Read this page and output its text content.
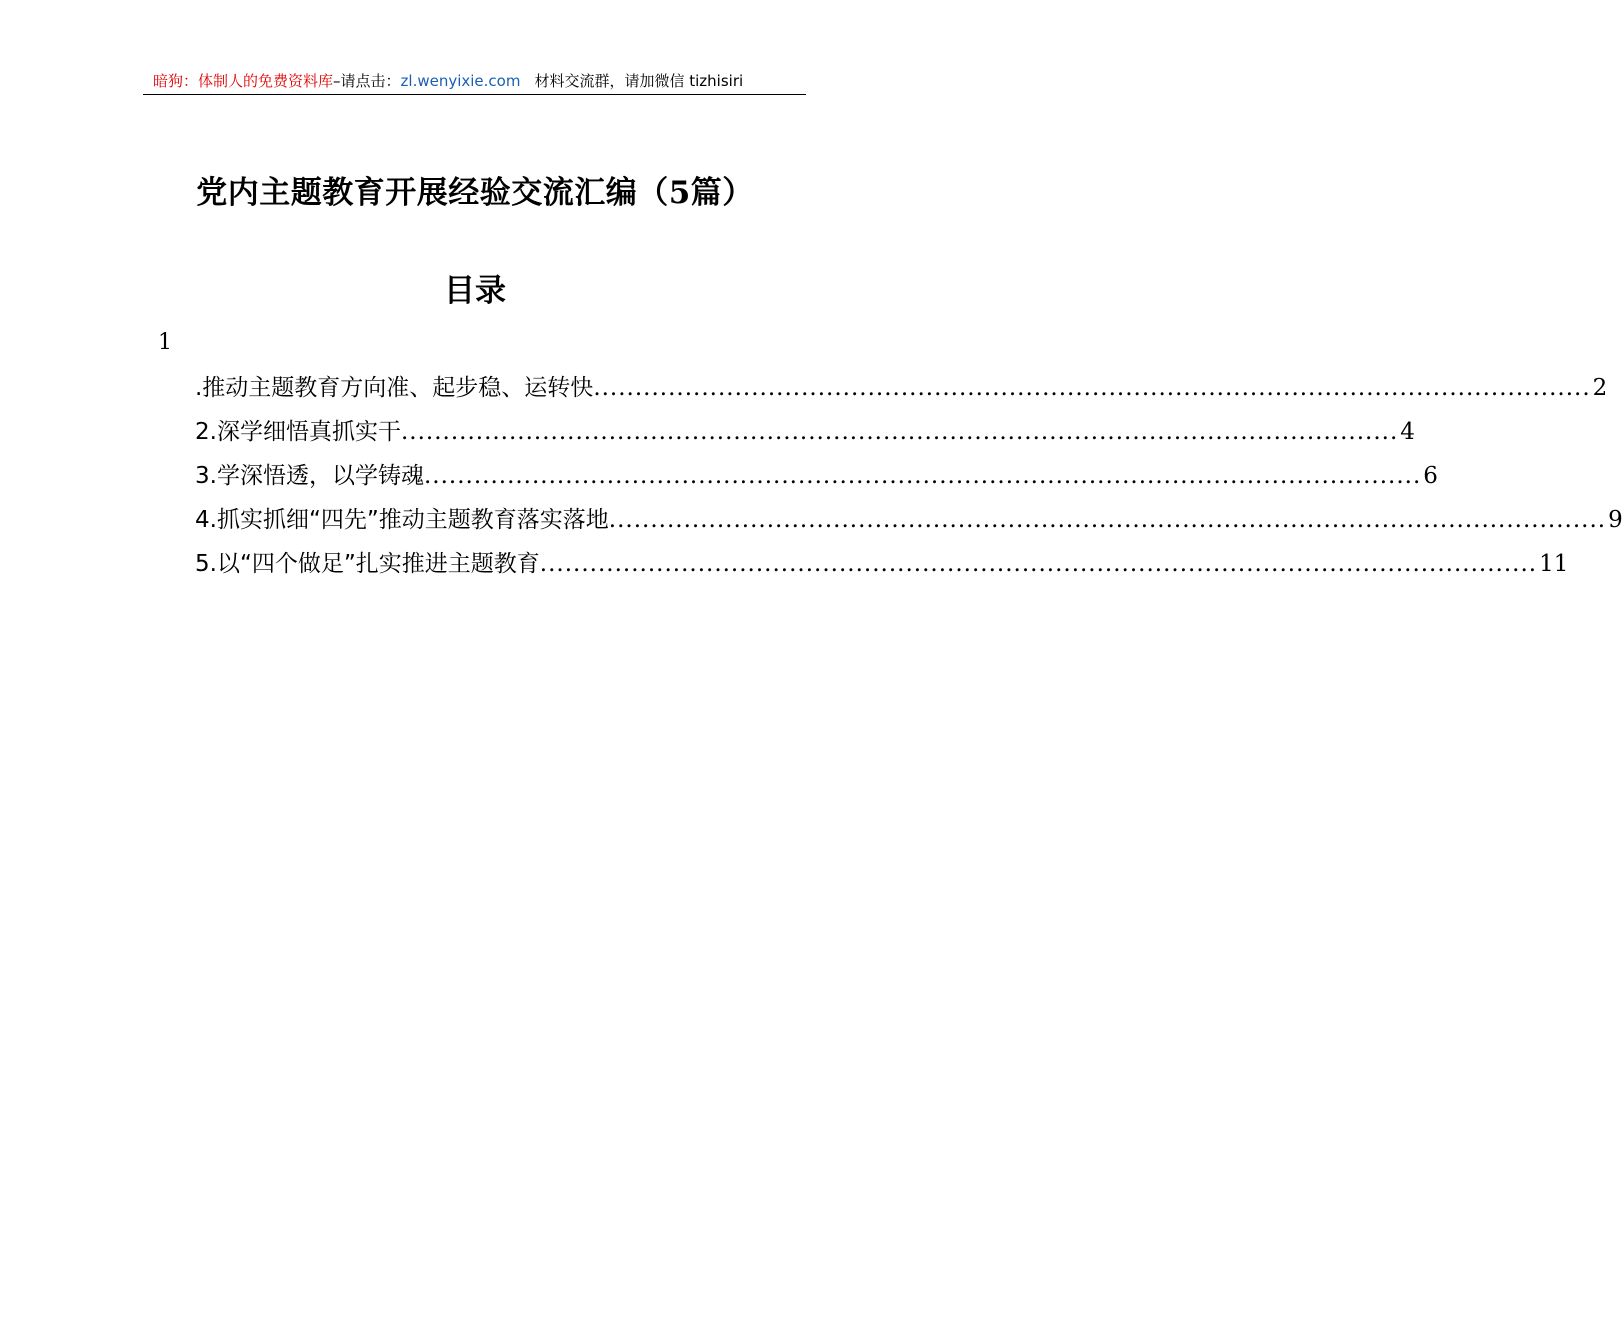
暗狗：体制人的免费资料库–请点击：zl.wenyixie.com 材料交流群，请加微信 tizhisiri
党内主题教育开展经验交流汇编（5篇）
目录
1
.推动主题教育方向准、起步稳、运转快 ........................................................................................................................ 2
2.深学细悟真抓实干 ........................................................................................................................ 4
3.学深悟透，以学铸魂 ........................................................................................................................ 6
4.抓实抓细“四先”推动主题教育落实落地 ........................................................................................................................ 9
5.以“四个做足”扎实推进主题教育 ........................................................................................................................ 11
